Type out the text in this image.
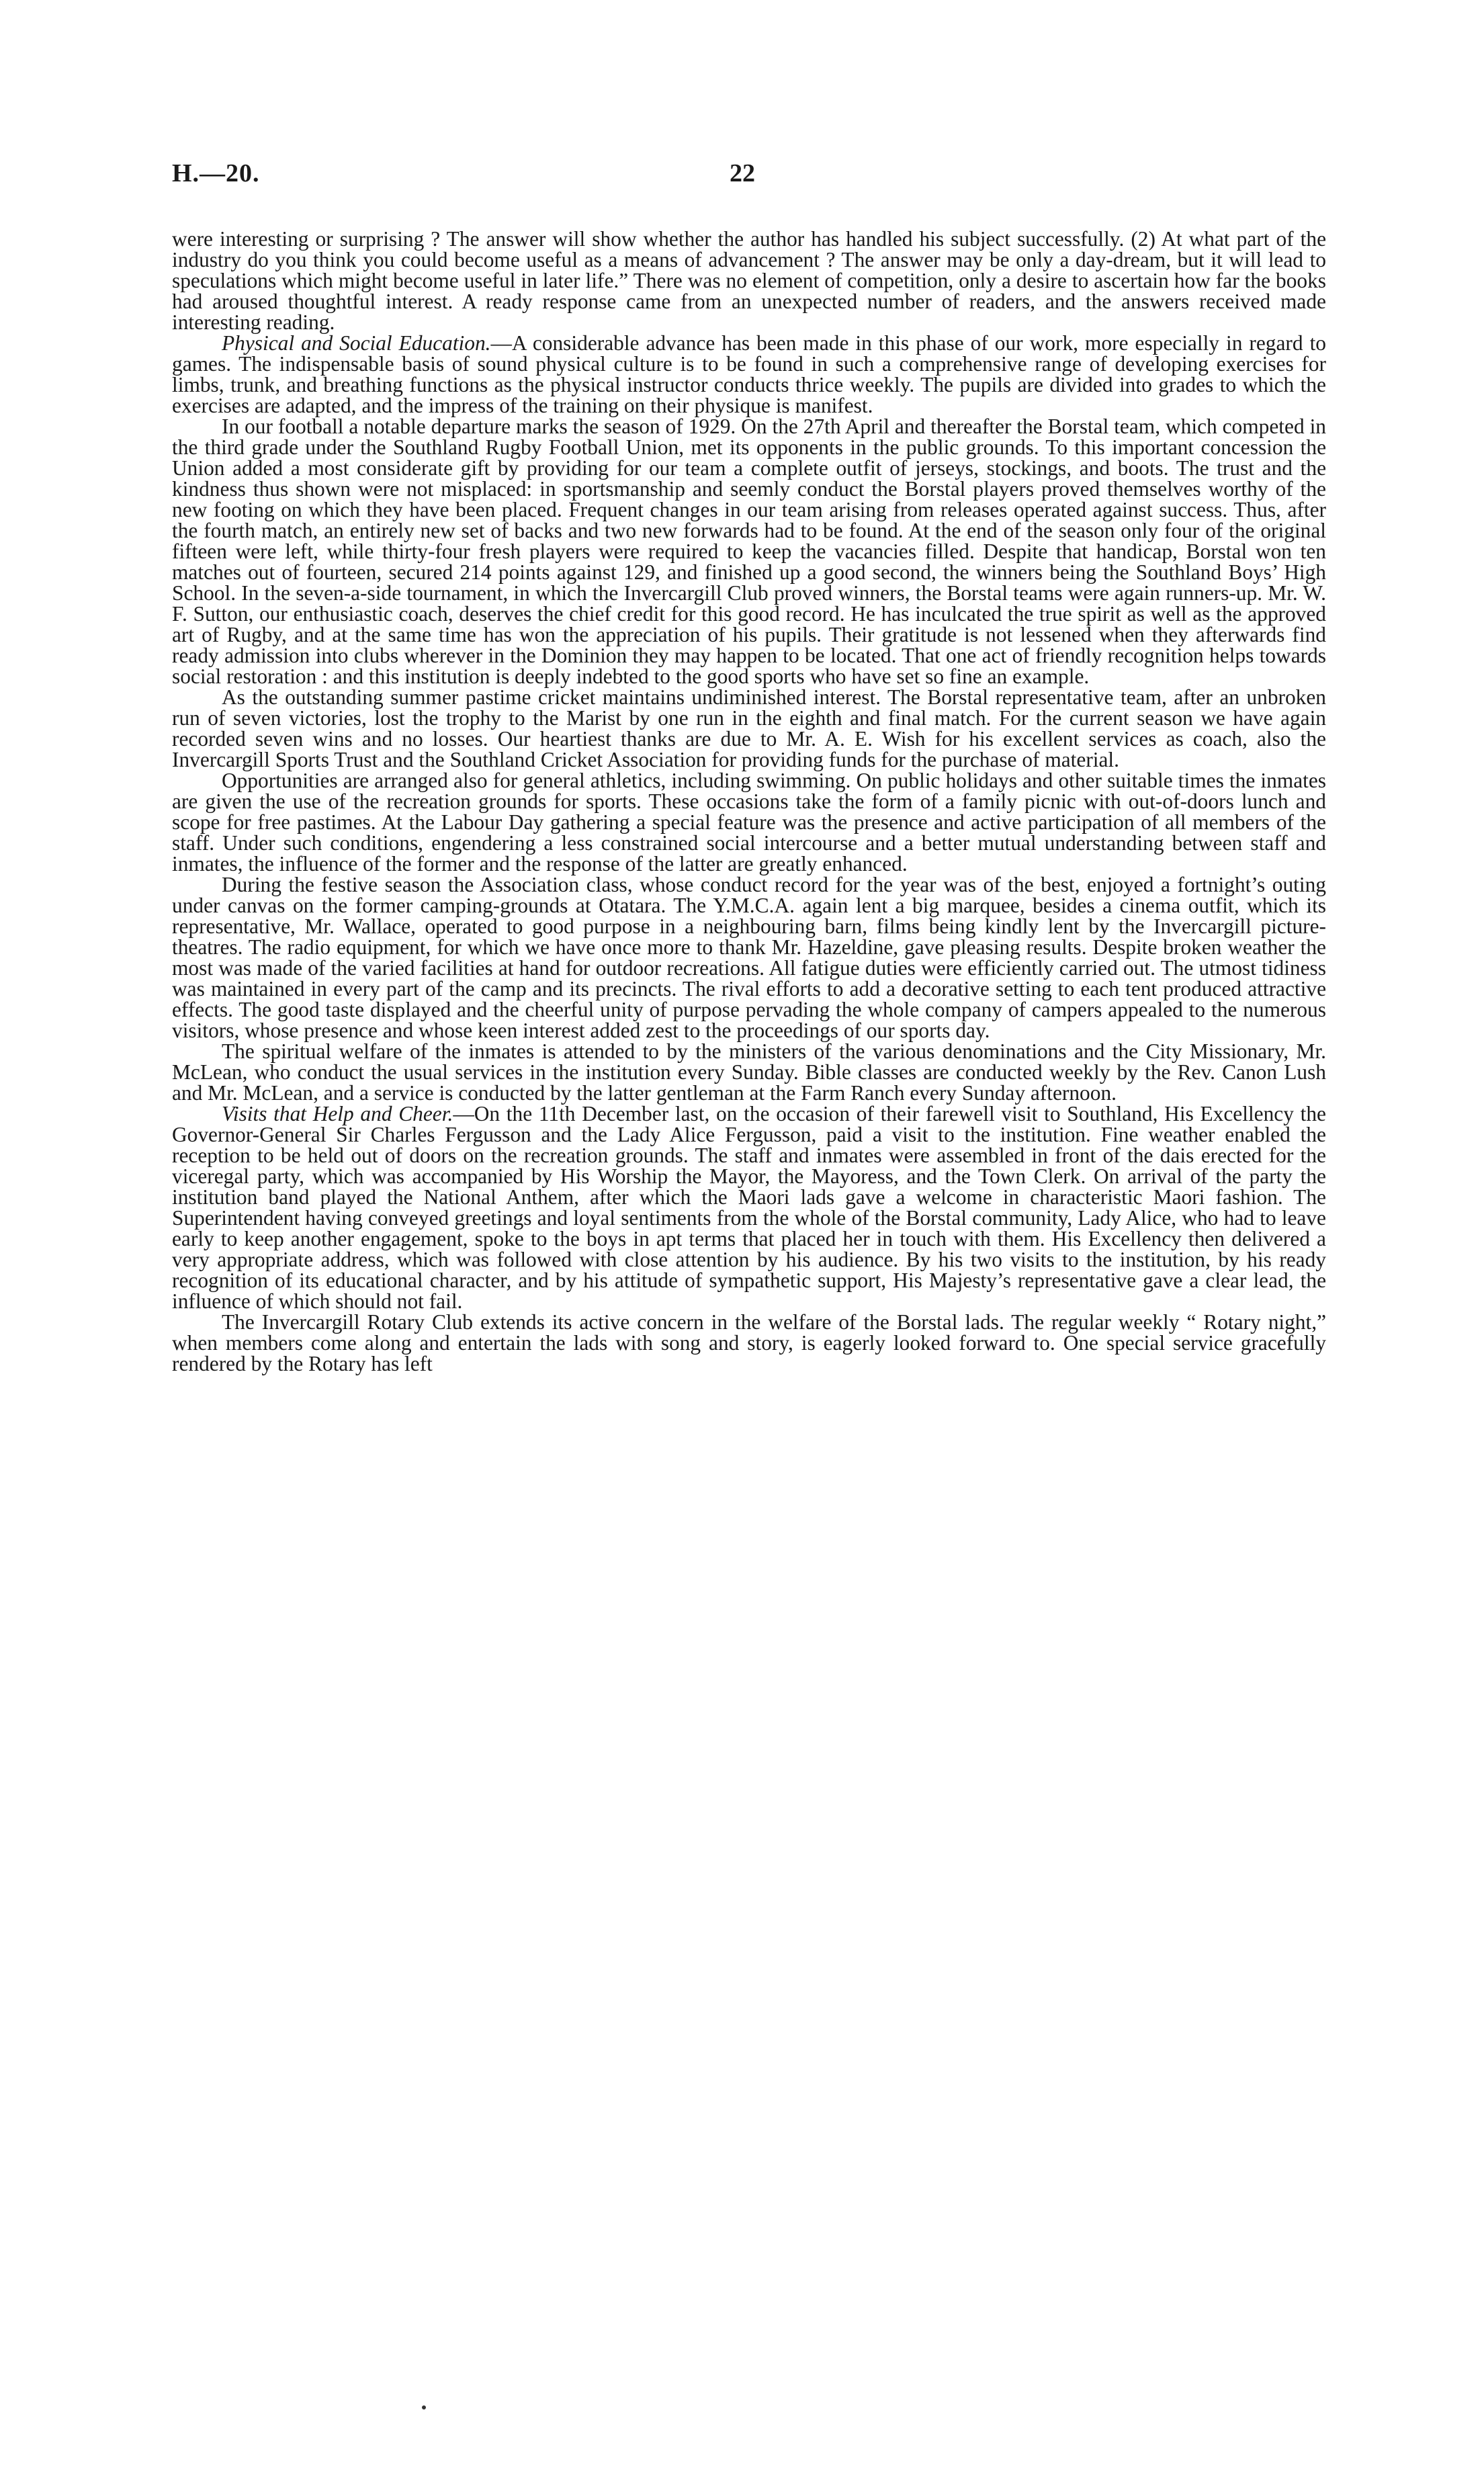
H.—20.	22

were interesting or surprising ? The answer will show whether the author has handled his subject successfully. (2) At what part of the industry do you think you could become useful as a means of advancement ? The answer may be only a day-dream, but it will lead to speculations which might become useful in later life.” There was no element of competition, only a desire to ascertain how far the books had aroused thoughtful interest. A ready response came from an unexpected number of readers, and the answers received made interesting reading.

Physical and Social Education.—A considerable advance has been made in this phase of our work, more especially in regard to games. The indispensable basis of sound physical culture is to be found in such a comprehensive range of developing exercises for limbs, trunk, and breathing functions as the physical instructor conducts thrice weekly. The pupils are divided into grades to which the exercises are adapted, and the impress of the training on their physique is manifest.

In our football a notable departure marks the season of 1929. On the 27th April and thereafter the Borstal team, which competed in the third grade under the Southland Rugby Football Union, met its opponents in the public grounds. To this important concession the Union added a most considerate gift by providing for our team a complete outfit of jerseys, stockings, and boots. The trust and the kindness thus shown were not misplaced: in sportsmanship and seemly conduct the Borstal players proved themselves worthy of the new footing on which they have been placed. Frequent changes in our team arising from releases operated against success. Thus, after the fourth match, an entirely new set of backs and two new forwards had to be found. At the end of the season only four of the original fifteen were left, while thirty-four fresh players were required to keep the vacancies filled. Despite that handicap, Borstal won ten matches out of fourteen, secured 214 points against 129, and finished up a good second, the winners being the Southland Boys’ High School. In the seven-a-side tournament, in which the Invercargill Club proved winners, the Borstal teams were again runners-up. Mr. W. F. Sutton, our enthusiastic coach, deserves the chief credit for this good record. He has inculcated the true spirit as well as the approved art of Rugby, and at the same time has won the appreciation of his pupils. Their gratitude is not lessened when they afterwards find ready admission into clubs wherever in the Dominion they may happen to be located. That one act of friendly recognition helps towards social restoration : and this institution is deeply indebted to the good sports who have set so fine an example.

As the outstanding summer pastime cricket maintains undiminished interest. The Borstal representative team, after an unbroken run of seven victories, lost the trophy to the Marist by one run in the eighth and final match. For the current season we have again recorded seven wins and no losses. Our heartiest thanks are due to Mr. A. E. Wish for his excellent services as coach, also the Invercargill Sports Trust and the Southland Cricket Association for providing funds for the purchase of material.

Opportunities are arranged also for general athletics, including swimming. On public holidays and other suitable times the inmates are given the use of the recreation grounds for sports. These occasions take the form of a family picnic with out-of-doors lunch and scope for free pastimes. At the Labour Day gathering a special feature was the presence and active participation of all members of the staff. Under such conditions, engendering a less constrained social intercourse and a better mutual understanding between staff and inmates, the influence of the former and the response of the latter are greatly enhanced.

During the festive season the Association class, whose conduct record for the year was of the best, enjoyed a fortnight’s outing under canvas on the former camping-grounds at Otatara. The Y.M.C.A. again lent a big marquee, besides a cinema outfit, which its representative, Mr. Wallace, operated to good purpose in a neighbouring barn, films being kindly lent by the Invercargill picture-theatres. The radio equipment, for which we have once more to thank Mr. Hazeldine, gave pleasing results. Despite broken weather the most was made of the varied facilities at hand for outdoor recreations. All fatigue duties were efficiently carried out. The utmost tidiness was maintained in every part of the camp and its precincts. The rival efforts to add a decorative setting to each tent produced attractive effects. The good taste displayed and the cheerful unity of purpose pervading the whole company of campers appealed to the numerous visitors, whose presence and whose keen interest added zest to the proceedings of our sports day.

The spiritual welfare of the inmates is attended to by the ministers of the various denominations and the City Missionary, Mr. McLean, who conduct the usual services in the institution every Sunday. Bible classes are conducted weekly by the Rev. Canon Lush and Mr. McLean, and a service is conducted by the latter gentleman at the Farm Ranch every Sunday afternoon.

Visits that Help and Cheer.—On the 11th December last, on the occasion of their farewell visit to Southland, His Excellency the Governor-General Sir Charles Fergusson and the Lady Alice Fergusson, paid a visit to the institution. Fine weather enabled the reception to be held out of doors on the recreation grounds. The staff and inmates were assembled in front of the dais erected for the viceregal party, which was accompanied by His Worship the Mayor, the Mayoress, and the Town Clerk. On arrival of the party the institution band played the National Anthem, after which the Maori lads gave a welcome in characteristic Maori fashion. The Superintendent having conveyed greetings and loyal sentiments from the whole of the Borstal community, Lady Alice, who had to leave early to keep another engagement, spoke to the boys in apt terms that placed her in touch with them. His Excellency then delivered a very appropriate address, which was followed with close attention by his audience. By his two visits to the institution, by his ready recognition of its educational character, and by his attitude of sympathetic support, His Majesty’s representative gave a clear lead, the influence of which should not fail.

The Invercargill Rotary Club extends its active concern in the welfare of the Borstal lads. The regular weekly “ Rotary night,” when members come along and entertain the lads with song and story, is eagerly looked forward to. One special service gracefully rendered by the Rotary has left
